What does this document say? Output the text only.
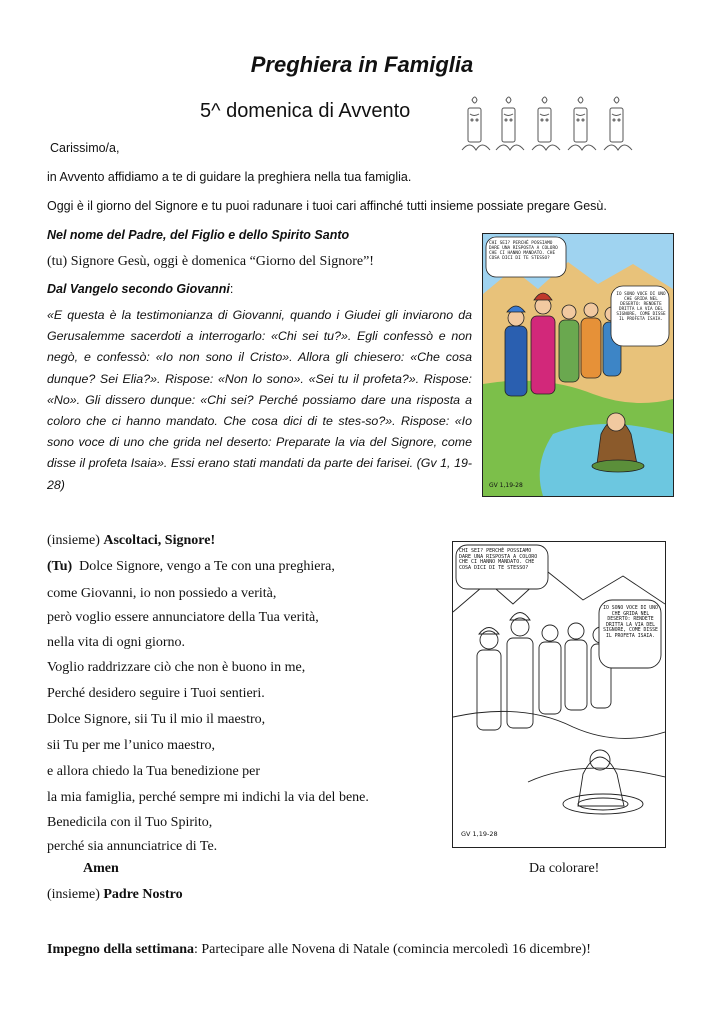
Preghiera in Famiglia
5^ domenica di Avvento
Carissimo/a,
in Avvento affidiamo a te di guidare la preghiera nella tua famiglia.
Oggi è il giorno del Signore e tu puoi radunare i tuoi cari affinché tutti insieme possiate pregare Gesù.
Nel nome del Padre, del Figlio e dello Spirito Santo
(tu) Signore Gesù, oggi è domenica “Giorno del Signore”!
Dal Vangelo secondo Giovanni:
«E questa è la testimonianza di Giovanni, quando i Giudei gli inviarono da Gerusalemme sacerdoti a interrogarlo: «Chi sei tu?». Egli confessò e non negò, e confessò: «Io non sono il Cristo». Allora gli chiesero: «Che cosa dunque? Sei Elia?». Rispose: «Non lo sono». «Sei tu il profeta?». Rispose: «No». Gli dissero dunque: «Chi sei? Perché possiamo dare una risposta a coloro che ci hanno mandato. Che cosa dici di te stes-so?». Rispose: «Io sono voce di uno che grida nel deserto: Preparate la via del Signore, come disse il profeta Isaia». Essi erano stati mandati da parte dei farisei. (Gv 1, 19-28)
CHI SEI? PERCHÉ POSSIAMO DARE UNA RISPOSTA A COLORO CHE CI HANNO MANDATO. CHE COSA DICI DI TE STESSO?
IO SONO VOCE DI UNO CHE GRIDA NEL DESERTO: RENDETE DRITTA LA VIA DEL SIGNORE, COME DISSE IL PROFETA ISAIA.
GV 1,19-28
(insieme) Ascoltaci, Signore!
(Tu) Dolce Signore, vengo a Te con una preghiera,
come Giovanni, io non possiedo a verità,
però voglio essere annunciatore della Tua verità,
nella vita di ogni giorno.
Voglio raddrizzare ciò che non è buono in me,
Perché desidero seguire i Tuoi sentieri.
Dolce Signore, sii Tu il mio il maestro,
sii Tu per me l’unico maestro,
e allora chiedo la Tua benedizione per
la mia famiglia, perché sempre mi indichi la via del bene.
Benedicila con il Tuo Spirito,
perché sia annunciatrice di Te.
Amen
CHI SEI? PERCHÉ POSSIAMO DARE UNA RISPOSTA A COLORO CHE CI HANNO MANDATO. CHE COSA DICI DI TE STESSO?
IO SONO VOCE DI UNO CHE GRIDA NEL DESERTO: RENDETE DRITTA LA VIA DEL SIGNORE, COME DISSE IL PROFETA ISAIA.
GV 1,19-28
Da colorare!
(insieme) Padre Nostro
Impegno della settimana: Partecipare alle Novena di Natale (comincia mercoledì 16 dicembre)!
